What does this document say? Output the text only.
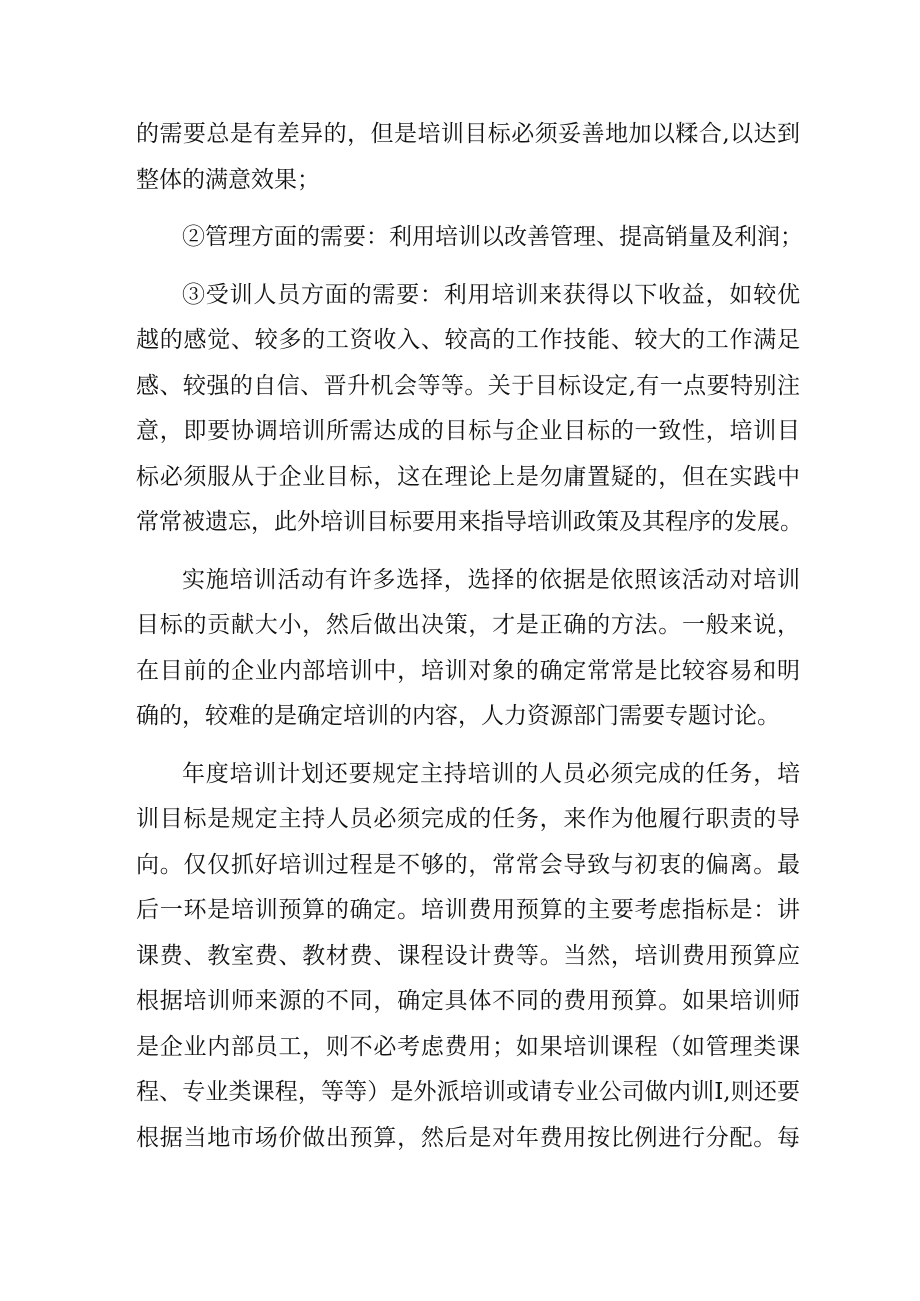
的需要总是有差异的，但是培训目标必须妥善地加以糅合,以达到
整体的满意效果；
②管理方面的需要：利用培训以改善管理、提高销量及利润；
③受训人员方面的需要：利用培训来获得以下收益，如较优
越的感觉、较多的工资收入、较高的工作技能、较大的工作满足
感、较强的自信、晋升机会等等。关于目标设定,有一点要特别注
意，即要协调培训所需达成的目标与企业目标的一致性，培训目
标必须服从于企业目标，这在理论上是勿庸置疑的，但在实践中
常常被遗忘，此外培训目标要用来指导培训政策及其程序的发展。
实施培训活动有许多选择，选择的依据是依照该活动对培训
目标的贡献大小，然后做出决策，才是正确的方法。一般来说，
在目前的企业内部培训中，培训对象的确定常常是比较容易和明
确的，较难的是确定培训的内容，人力资源部门需要专题讨论。
年度培训计划还要规定主持培训的人员必须完成的任务，培
训目标是规定主持人员必须完成的任务，来作为他履行职责的导
向。仅仅抓好培训过程是不够的，常常会导致与初衷的偏离。最
后一环是培训预算的确定。培训费用预算的主要考虑指标是：讲
课费、教室费、教材费、课程设计费等。当然，培训费用预算应
根据培训师来源的不同，确定具体不同的费用预算。如果培训师
是企业内部员工，则不必考虑费用；如果培训课程（如管理类课
程、专业类课程，等等）是外派培训或请专业公司做内训I,则还要
根据当地市场价做出预算，然后是对年费用按比例进行分配。每
